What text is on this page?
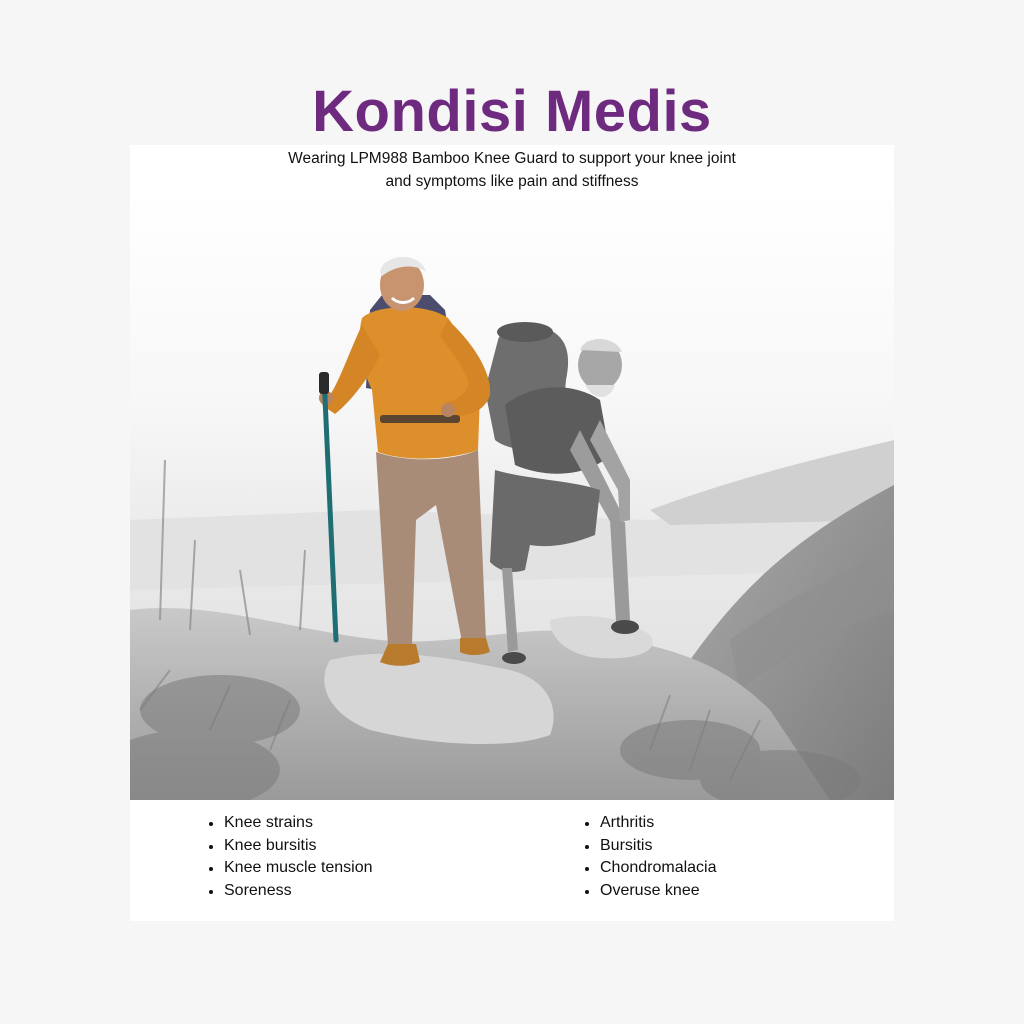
Kondisi Medis

Wearing LPM988 Bamboo Knee Guard to support your knee joint
and symptoms like pain and stiffness

Knee strains
Knee bursitis
Knee muscle tension
Soreness
Arthritis
Bursitis
Chondromalacia
Overuse knee
